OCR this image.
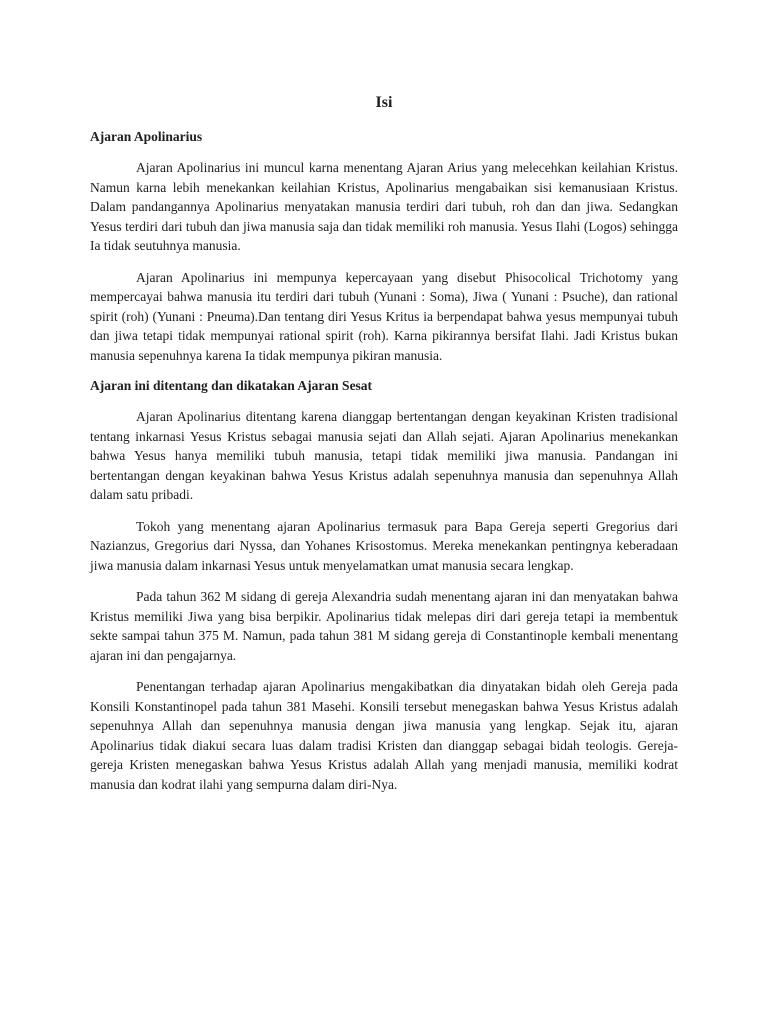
Isi
Ajaran Apolinarius

Ajaran Apolinarius ini muncul karna menentang Ajaran Arius yang melecehkan keilahian Kristus. Namun karna lebih menekankan keilahian Kristus, Apolinarius mengabaikan sisi kemanusiaan Kristus. Dalam pandangannya Apolinarius menyatakan manusia terdiri dari tubuh, roh dan dan jiwa. Sedangkan Yesus terdiri dari tubuh dan jiwa manusia saja dan tidak memiliki roh manusia. Yesus Ilahi (Logos) sehingga Ia tidak seutuhnya manusia.

Ajaran Apolinarius ini mempunya kepercayaan yang disebut Phisocolical Trichotomy yang mempercayai bahwa manusia itu terdiri dari tubuh (Yunani : Soma), Jiwa ( Yunani : Psuche), dan rational spirit (roh) (Yunani : Pneuma).Dan tentang diri Yesus Kritus ia berpendapat bahwa yesus mempunyai tubuh dan jiwa tetapi tidak mempunyai rational spirit (roh). Karna pikirannya bersifat Ilahi. Jadi Kristus bukan manusia sepenuhnya karena Ia tidak mempunya pikiran manusia.

Ajaran ini ditentang dan dikatakan Ajaran Sesat

Ajaran Apolinarius ditentang karena dianggap bertentangan dengan keyakinan Kristen tradisional tentang inkarnasi Yesus Kristus sebagai manusia sejati dan Allah sejati. Ajaran Apolinarius menekankan bahwa Yesus hanya memiliki tubuh manusia, tetapi tidak memiliki jiwa manusia. Pandangan ini bertentangan dengan keyakinan bahwa Yesus Kristus adalah sepenuhnya manusia dan sepenuhnya Allah dalam satu pribadi.

Tokoh yang menentang ajaran Apolinarius termasuk para Bapa Gereja seperti Gregorius dari Nazianzus, Gregorius dari Nyssa, dan Yohanes Krisostomus. Mereka menekankan pentingnya keberadaan jiwa manusia dalam inkarnasi Yesus untuk menyelamatkan umat manusia secara lengkap.

Pada tahun 362 M sidang di gereja Alexandria sudah menentang ajaran ini dan menyatakan bahwa Kristus memiliki Jiwa yang bisa berpikir. Apolinarius tidak melepas diri dari gereja tetapi ia membentuk sekte sampai tahun 375 M. Namun, pada tahun 381 M sidang gereja di Constantinople kembali menentang ajaran ini dan pengajarnya.

Penentangan terhadap ajaran Apolinarius mengakibatkan dia dinyatakan bidah oleh Gereja pada Konsili Konstantinopel pada tahun 381 Masehi. Konsili tersebut menegaskan bahwa Yesus Kristus adalah sepenuhnya Allah dan sepenuhnya manusia dengan jiwa manusia yang lengkap. Sejak itu, ajaran Apolinarius tidak diakui secara luas dalam tradisi Kristen dan dianggap sebagai bidah teologis. Gereja-gereja Kristen menegaskan bahwa Yesus Kristus adalah Allah yang menjadi manusia, memiliki kodrat manusia dan kodrat ilahi yang sempurna dalam diri-Nya.
